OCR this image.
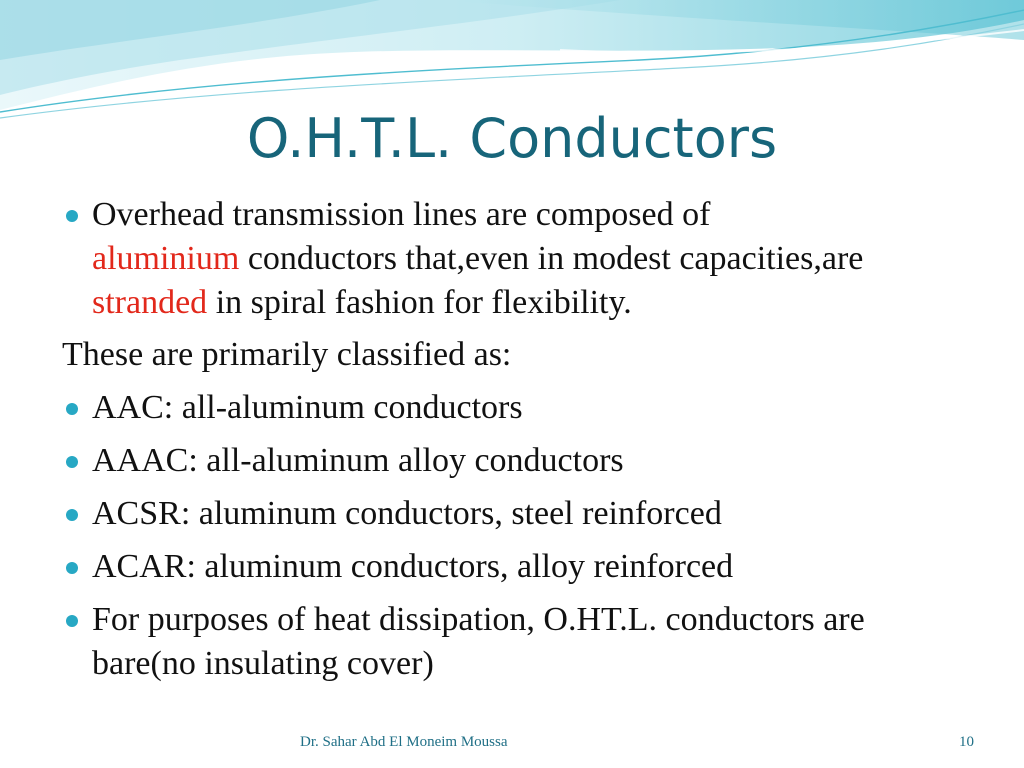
O.H.T.L. Conductors
Overhead transmission lines are composed of
aluminium conductors that,even in modest capacities,are stranded in spiral fashion for flexibility.
These are primarily classified as:
AAC: all-aluminum conductors
AAAC: all-aluminum alloy conductors
ACSR: aluminum conductors, steel reinforced
ACAR: aluminum conductors, alloy reinforced
For purposes of heat dissipation, O.HT.L. conductors are bare(no insulating cover)
Dr. Sahar Abd El Moneim Moussa	10
